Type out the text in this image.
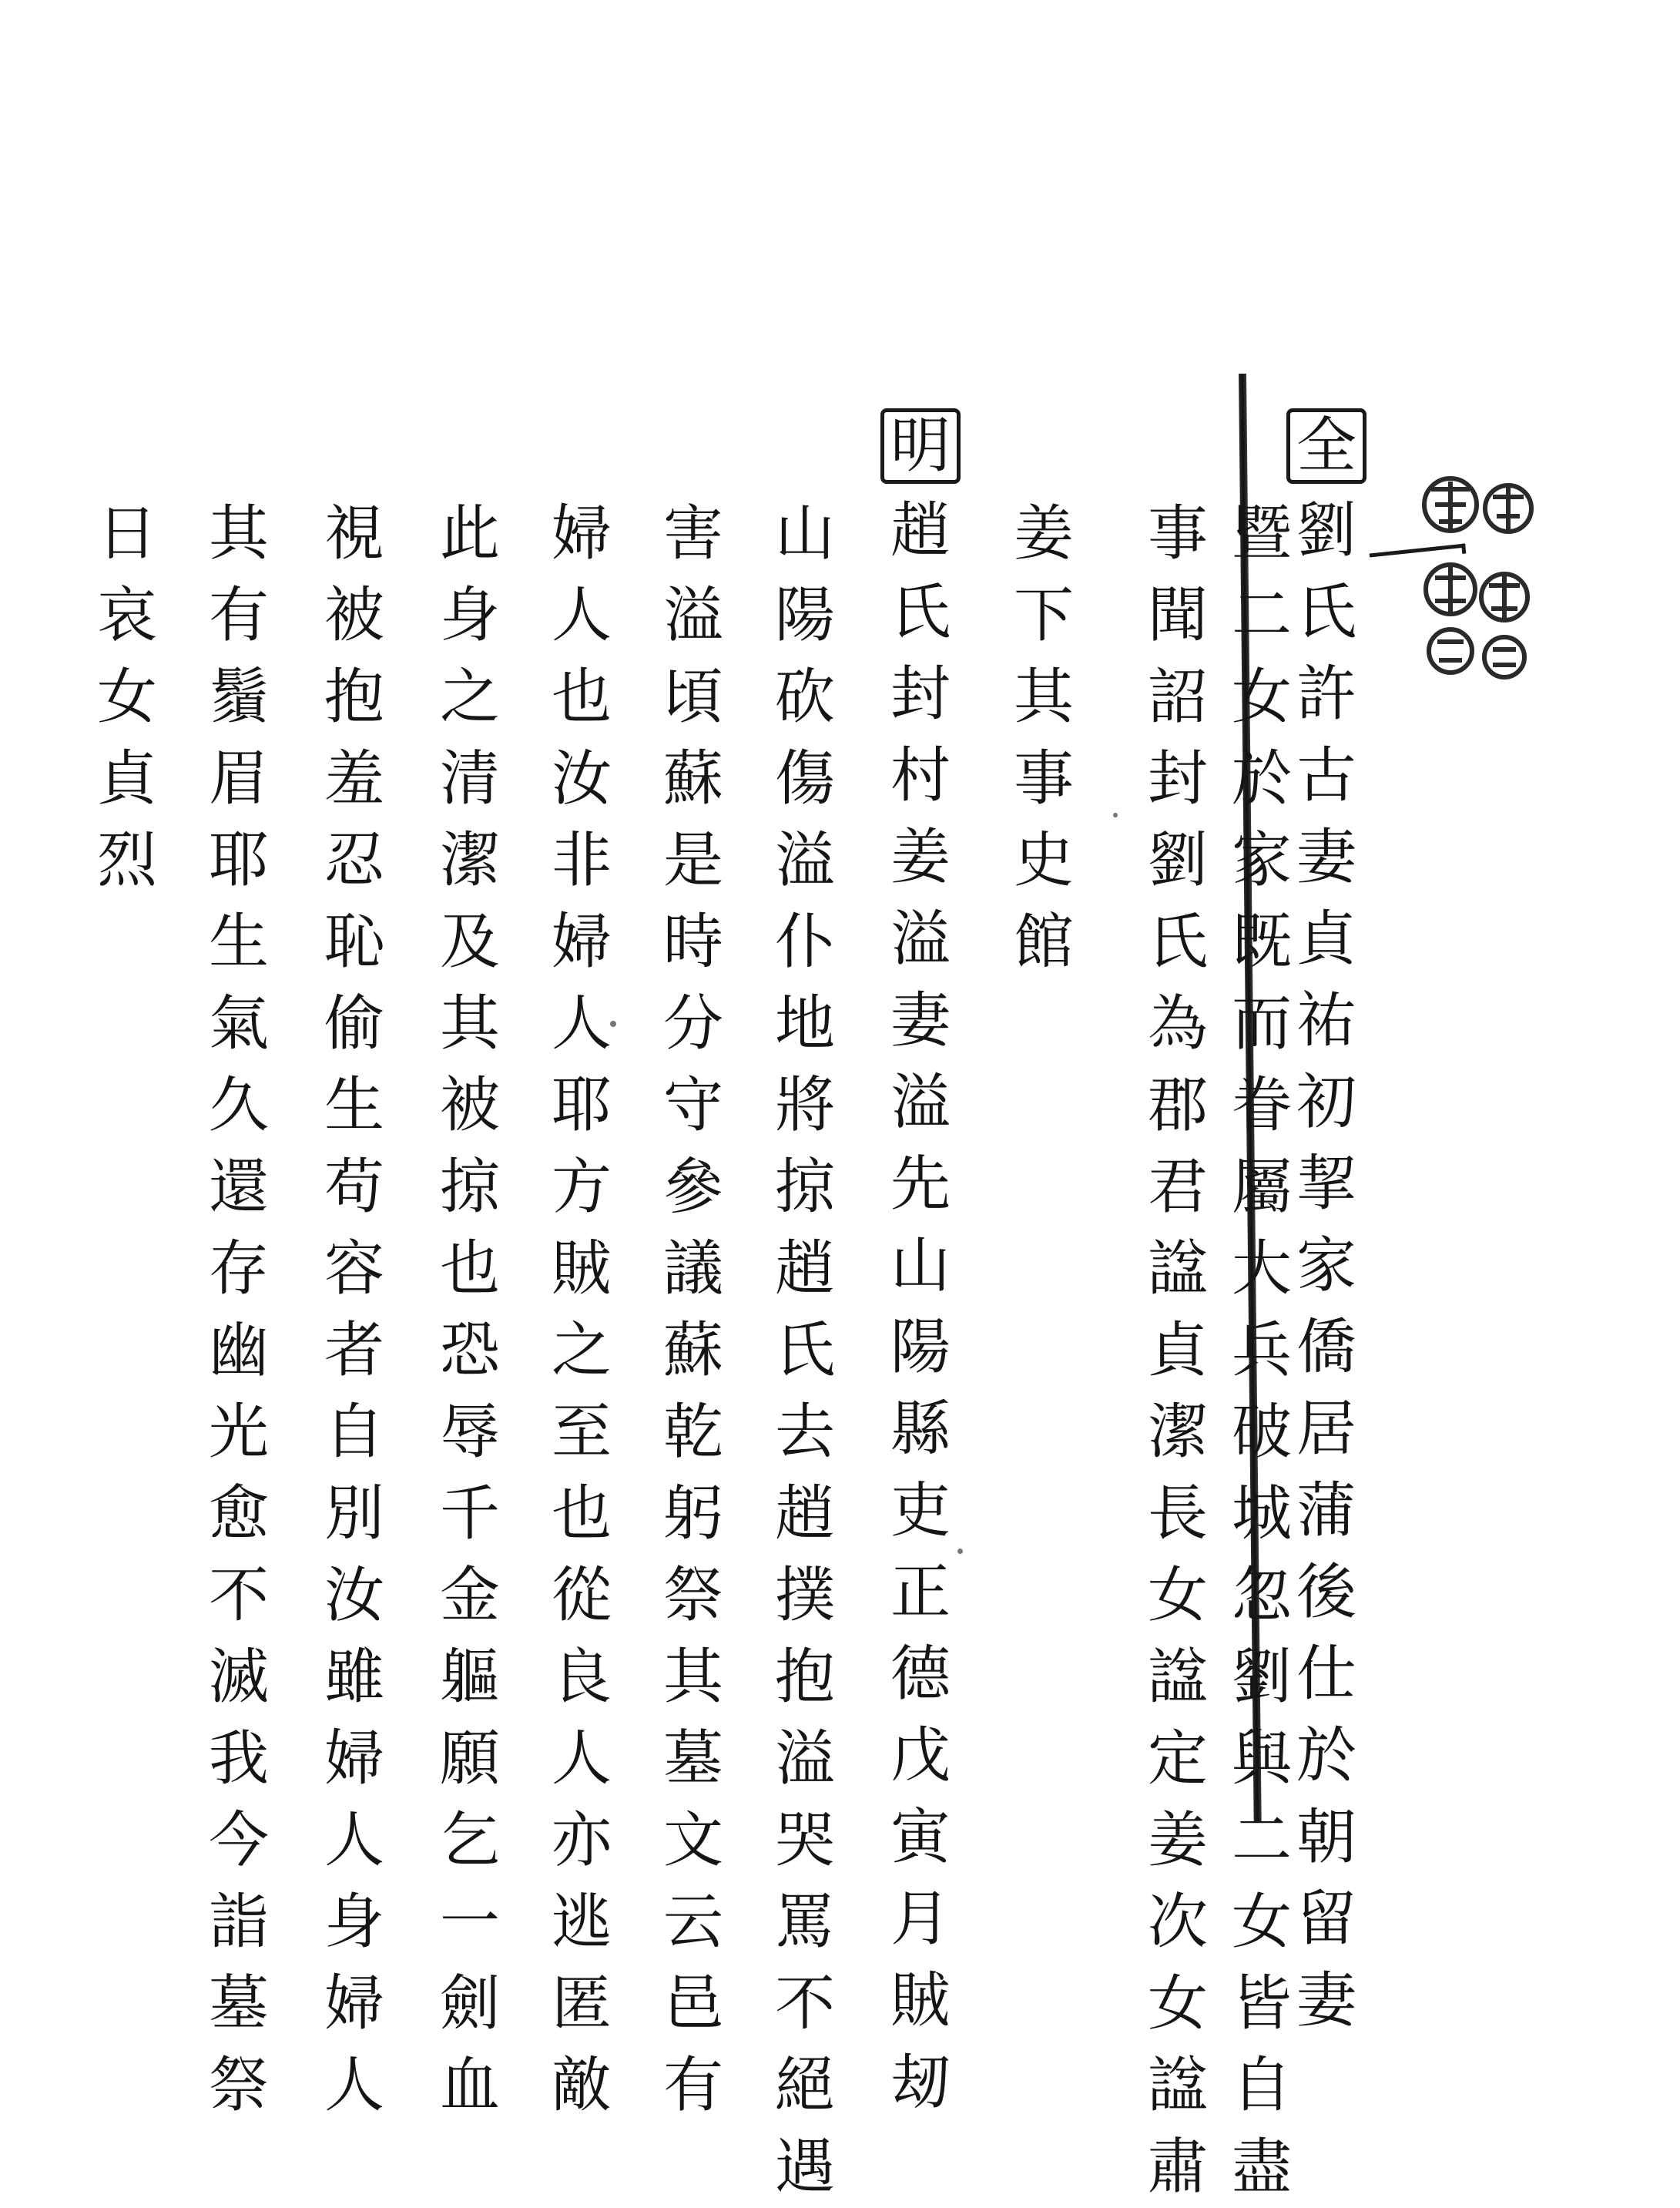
全
劉
氏
許
古
妻
貞
祐
初
挈
家
僑
居
蒲
後
仕
於
朝
留
妻
暨
二
女
於
家
既
而
眷
屬
大
兵
破
城
忽
劉
與
二
女
皆
自
盡
事
聞
詔
封
劉
氏
為
郡
君
諡
貞
潔
長
女
諡
定
姜
次
女
諡
肅
姜
下
其
事
史
館
明
趙
氏
封
村
姜
溢
妻
溢
先
山
陽
縣
吏
正
德
戊
寅
月
賊
刼
山
陽
砍
傷
溢
仆
地
將
掠
趙
氏
去
趙
撲
抱
溢
哭
罵
不
絕
遇
害
溢
頃
蘇
是
時
分
守
參
議
蘇
乾
躬
祭
其
墓
文
云
邑
有
婦
人
也
汝
非
婦
人
耶
方
賊
之
至
也
從
良
人
亦
逃
匿
敵
此
身
之
清
潔
及
其
被
掠
也
恐
辱
千
金
軀
願
乞
一
劍
血
視
被
抱
羞
忍
恥
偷
生
苟
容
者
自
別
汝
雖
婦
人
身
婦
人
其
有
鬚
眉
耶
生
氣
久
還
存
幽
光
愈
不
滅
我
今
詣
墓
祭
日
哀
女
貞
烈
